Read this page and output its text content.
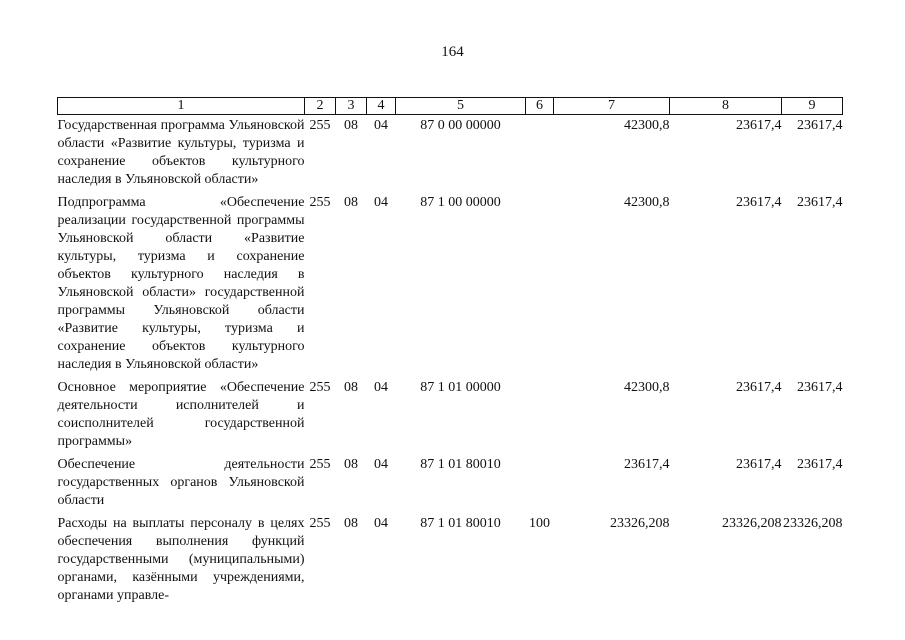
164
1	2	3	4	5	6	7	8	9
Государственная программа Ульяновской области «Развитие культуры, туризма и сохранение объектов культурного наследия в Ульяновской области»	255	08	04	87 0 00 00000		42300,8	23617,4	23617,4
Подпрограмма «Обеспечение реализации государственной программы Ульяновской области «Развитие культуры, туризма и сохранение объектов культурного наследия в Ульяновской области» государственной программы Ульяновской области «Развитие культуры, туризма и сохранение объектов культурного наследия в Ульяновской области»	255	08	04	87 1 00 00000		42300,8	23617,4	23617,4
Основное мероприятие «Обеспечение деятельности исполнителей и соисполнителей государственной программы»	255	08	04	87 1 01 00000		42300,8	23617,4	23617,4
Обеспечение деятельности государственных органов Ульяновской области	255	08	04	87 1 01 80010		23617,4	23617,4	23617,4
Расходы на выплаты персоналу в целях обеспечения выполнения функций государственными (муниципальными) органами, казёнными учреждениями, органами управле-	255	08	04	87 1 01 80010	100	23326,208	23326,208	23326,208
